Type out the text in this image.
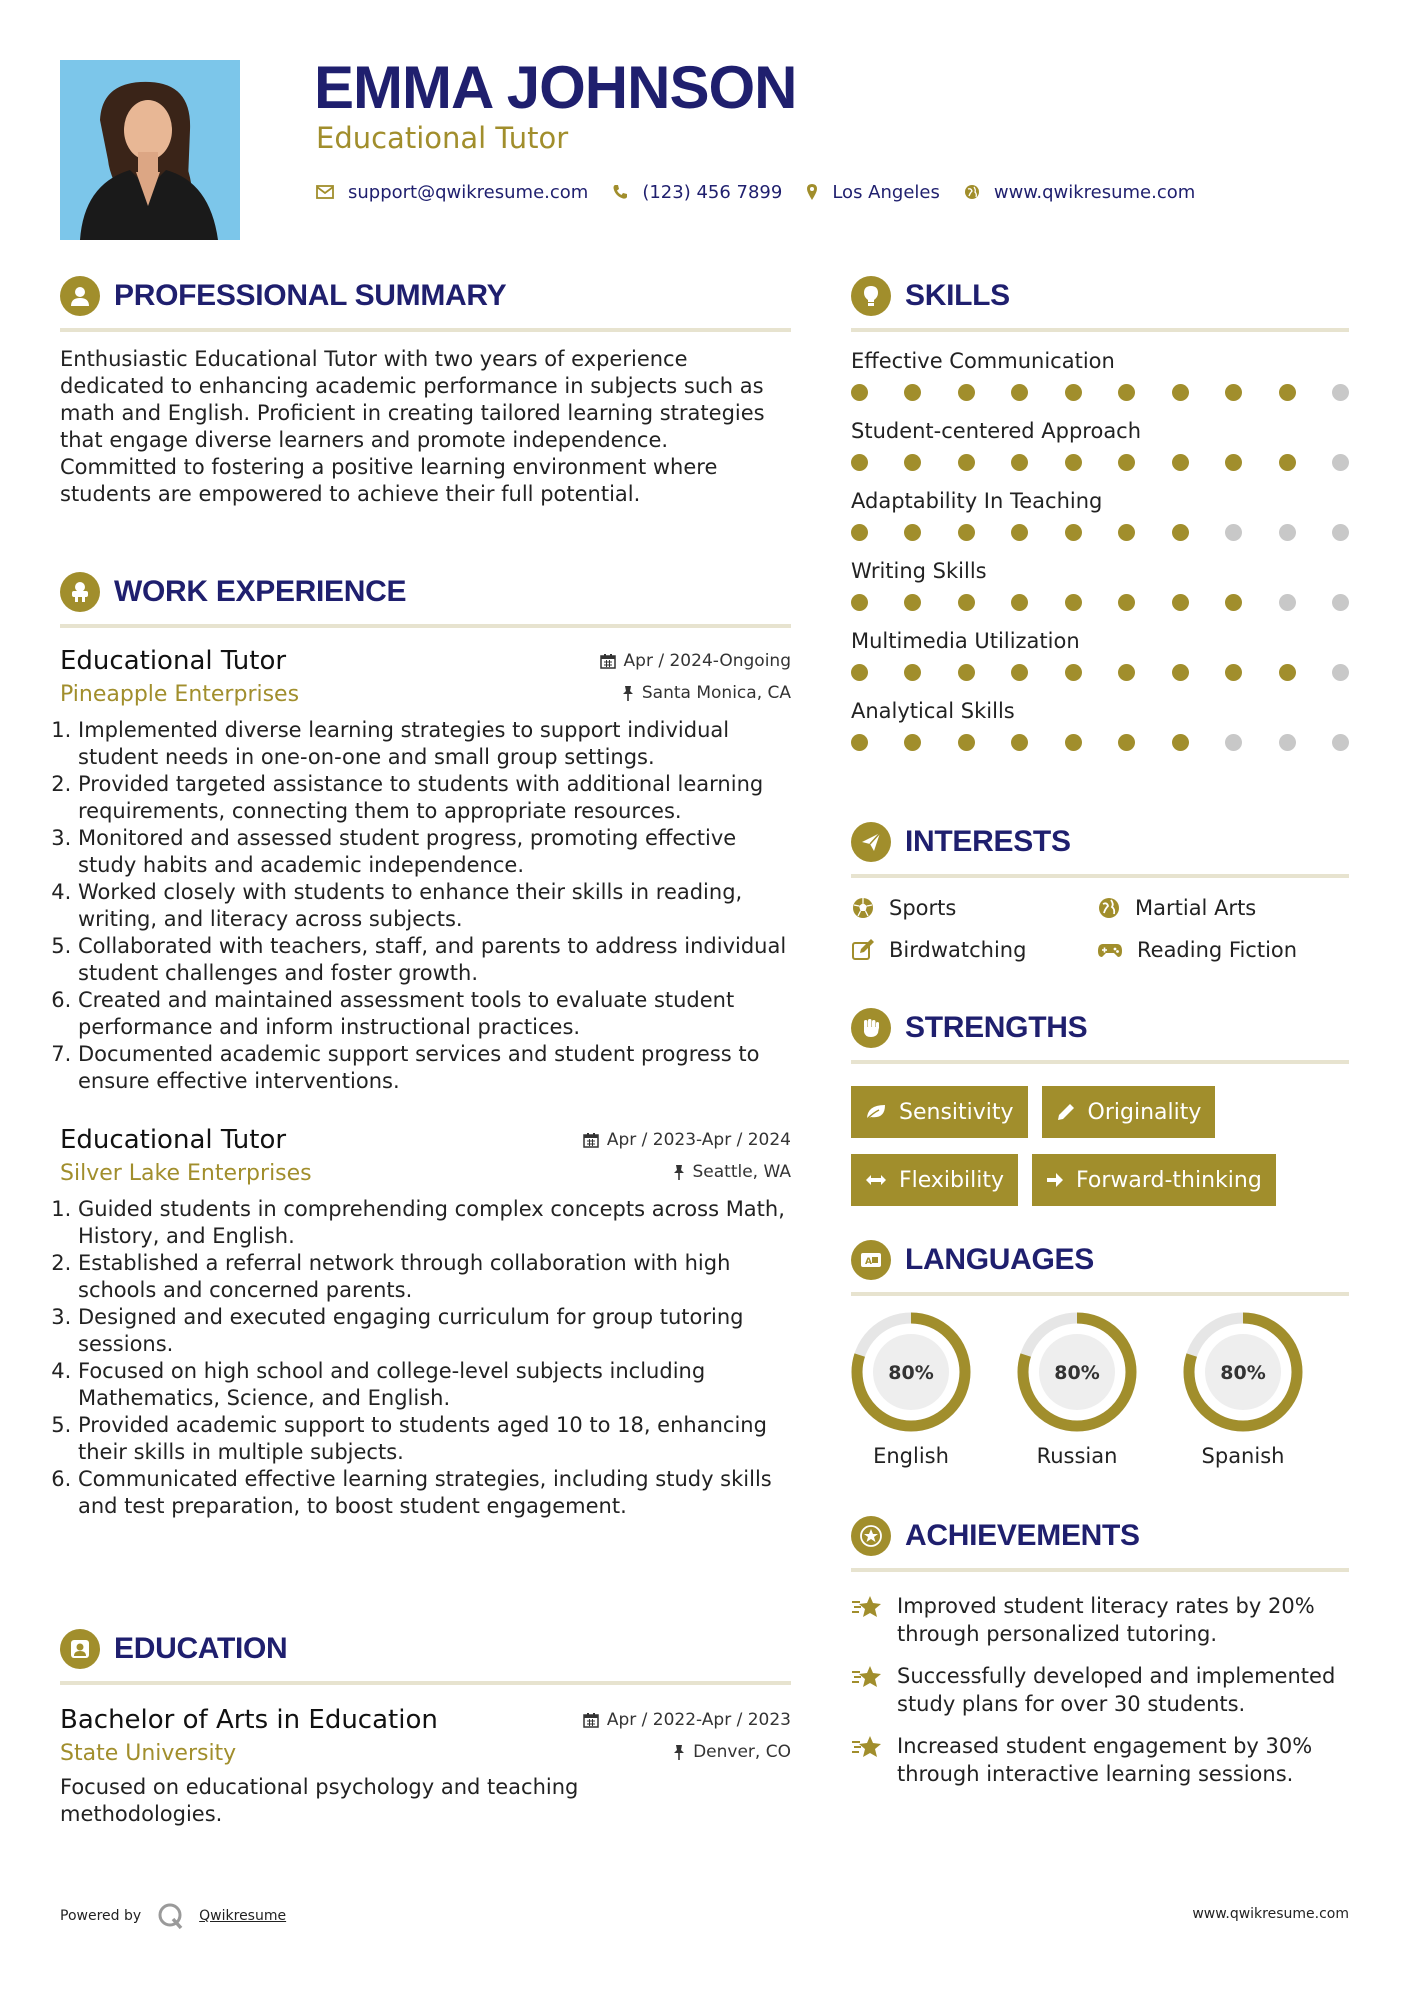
EMMA JOHNSON
Educational Tutor
support@qwikresume.com	(123) 456 7899	Los Angeles	www.qwikresume.com
PROFESSIONAL SUMMARY

Enthusiastic Educational Tutor with two years of experience dedicated to enhancing academic performance in subjects such as math and English. Proficient in creating tailored learning strategies that engage diverse learners and promote independence. Committed to fostering a positive learning environment where students are empowered to achieve their full potential.

WORK EXPERIENCE
Educational Tutor	Apr / 2024-Ongoing
Pineapple Enterprises	Santa Monica, CA
1. Implemented diverse learning strategies to support individual student needs in one-on-one and small group settings.
2. Provided targeted assistance to students with additional learning requirements, connecting them to appropriate resources.
3. Monitored and assessed student progress, promoting effective study habits and academic independence.
4. Worked closely with students to enhance their skills in reading, writing, and literacy across subjects.
5. Collaborated with teachers, staff, and parents to address individual student challenges and foster growth.
6. Created and maintained assessment tools to evaluate student performance and inform instructional practices.
7. Documented academic support services and student progress to ensure effective interventions.
Educational Tutor	Apr / 2023-Apr / 2024
Silver Lake Enterprises	Seattle, WA
1. Guided students in comprehending complex concepts across Math, History, and English.
2. Established a referral network through collaboration with high schools and concerned parents.
3. Designed and executed engaging curriculum for group tutoring sessions.
4. Focused on high school and college-level subjects including Mathematics, Science, and English.
5. Provided academic support to students aged 10 to 18, enhancing their skills in multiple subjects.
6. Communicated effective learning strategies, including study skills and test preparation, to boost student engagement.
EDUCATION
Bachelor of Arts in Education	Apr / 2022-Apr / 2023
State University	Denver, CO

Focused on educational psychology and teaching methodologies.

SKILLS
Effective Communication
Student-centered Approach
Adaptability In Teaching
Writing Skills
Multimedia Utilization
Analytical Skills
INTERESTS
Sports	Martial Arts
Birdwatching	Reading Fiction
STRENGTHS
Sensitivity	Originality
Flexibility	Forward-thinking
A LANGUAGES
80%
English
80%
Russian
80%
Spanish
ACHIEVEMENTS
Improved student literacy rates by 20% through personalized tutoring.
Successfully developed and implemented study plans for over 30 students.
Increased student engagement by 30% through interactive learning sessions.
Powered by	Qwikresume	www.qwikresume.com
